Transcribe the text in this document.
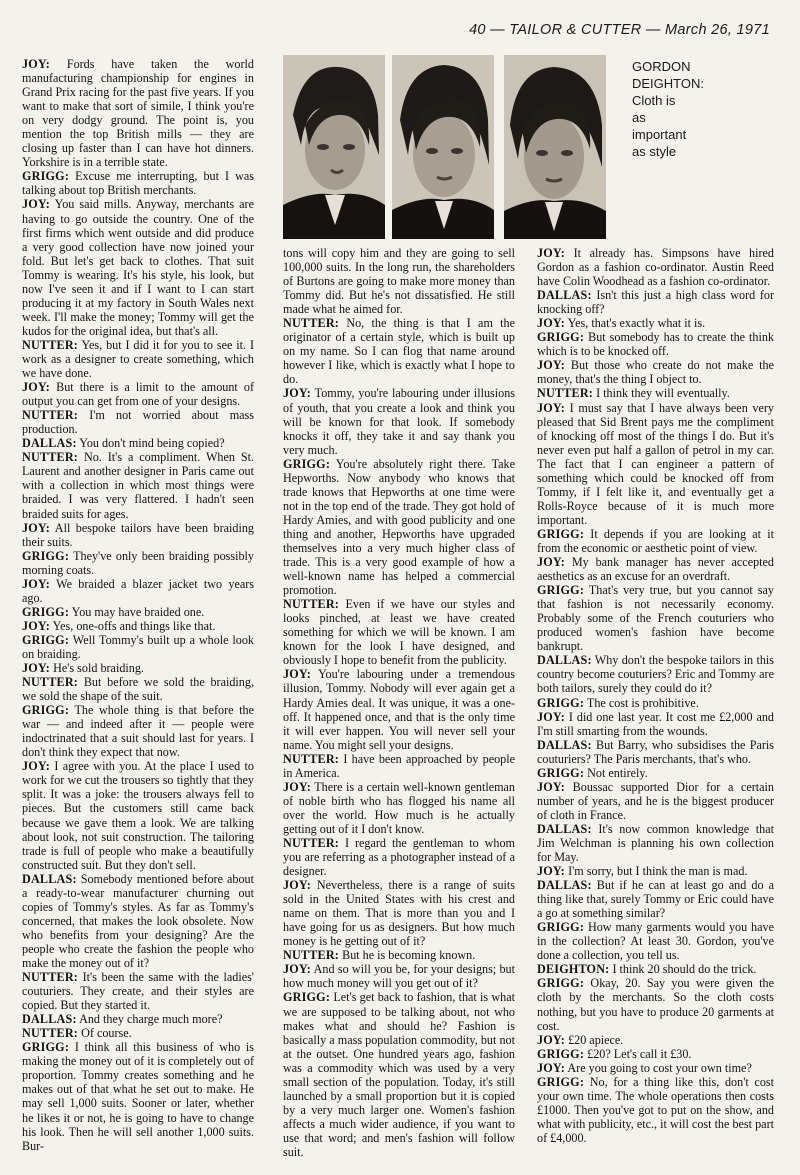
40 — TAILOR & CUTTER — March 26, 1971
GORDON
DEIGHTON:
Cloth is
as
important
as style

JOY: Fords have taken the world manufacturing championship for engines in Grand Prix racing for the past five years. If you want to make that sort of simile, I think you're on very dodgy ground. The point is, you mention the top British mills — they are closing up faster than I can have hot dinners. Yorkshire is in a terrible state.

GRIGG: Excuse me interrupting, but I was talking about top British merchants.

JOY: You said mills. Anyway, merchants are having to go outside the country. One of the first firms which went outside and did produce a very good collection have now joined your fold. But let's get back to clothes. That suit Tommy is wearing. It's his style, his look, but now I've seen it and if I want to I can start producing it at my factory in South Wales next week. I'll make the money; Tommy will get the kudos for the original idea, but that's all.

NUTTER: Yes, but I did it for you to see it. I work as a designer to create something, which we have done.

JOY: But there is a limit to the amount of output you can get from one of your designs.

NUTTER: I'm not worried about mass production.

DALLAS: You don't mind being copied?

NUTTER: No. It's a compliment. When St. Laurent and another designer in Paris came out with a collection in which most things were braided. I was very flattered. I hadn't seen braided suits for ages.

JOY: All bespoke tailors have been braiding their suits.

GRIGG: They've only been braiding possibly morning coats.

JOY: We braided a blazer jacket two years ago.

GRIGG: You may have braided one.

JOY: Yes, one-offs and things like that.

GRIGG: Well Tommy's built up a whole look on braiding.

JOY: He's sold braiding.

NUTTER: But before we sold the braiding, we sold the shape of the suit.

GRIGG: The whole thing is that before the war — and indeed after it — people were indoctrinated that a suit should last for years. I don't think they expect that now.

JOY: I agree with you. At the place I used to work for we cut the trousers so tightly that they split. It was a joke: the trousers always fell to pieces. But the customers still came back because we gave them a look. We are talking about look, not suit construction. The tailoring trade is full of people who make a beautifully constructed suit. But they don't sell.

DALLAS: Somebody mentioned before about a ready-to-wear manufacturer churning out copies of Tommy's styles. As far as Tommy's concerned, that makes the look obsolete. Now who benefits from your designing? Are the people who create the fashion the people who make the money out of it?

NUTTER: It's been the same with the ladies' couturiers. They create, and their styles are copied. But they started it.

DALLAS: And they charge much more?

NUTTER: Of course.

GRIGG: I think all this business of who is making the money out of it is completely out of proportion. Tommy creates something and he makes out of that what he set out to make. He may sell 1,000 suits. Sooner or later, whether he likes it or not, he is going to have to change his look. Then he will sell another 1,000 suits. Bur-

tons will copy him and they are going to sell 100,000 suits. In the long run, the shareholders of Burtons are going to make more money than Tommy did. But he's not dissatisfied. He still made what he aimed for.

NUTTER: No, the thing is that I am the originator of a certain style, which is built up on my name. So I can flog that name around however I like, which is exactly what I hope to do.

JOY: Tommy, you're labouring under illusions of youth, that you create a look and think you will be known for that look. If somebody knocks it off, they take it and say thank you very much.

GRIGG: You're absolutely right there. Take Hepworths. Now anybody who knows that trade knows that Hepworths at one time were not in the top end of the trade. They got hold of Hardy Amies, and with good publicity and one thing and another, Hepworths have upgraded themselves into a very much higher class of trade. This is a very good example of how a well-known name has helped a commercial promotion.

NUTTER: Even if we have our styles and looks pinched, at least we have created something for which we will be known. I am known for the look I have designed, and obviously I hope to benefit from the publicity.

JOY: You're labouring under a tremendous illusion, Tommy. Nobody will ever again get a Hardy Amies deal. It was unique, it was a one-off. It happened once, and that is the only time it will ever happen. You will never sell your name. You might sell your designs.

NUTTER: I have been approached by people in America.

JOY: There is a certain well-known gentleman of noble birth who has flogged his name all over the world. How much is he actually getting out of it I don't know.

NUTTER: I regard the gentleman to whom you are referring as a photographer instead of a designer.

JOY: Nevertheless, there is a range of suits sold in the United States with his crest and name on them. That is more than you and I have going for us as designers. But how much money is he getting out of it?

NUTTER: But he is becoming known.

JOY: And so will you be, for your designs; but how much money will you get out of it?

GRIGG: Let's get back to fashion, that is what we are supposed to be talking about, not who makes what and should he? Fashion is basically a mass population commodity, but not at the outset. One hundred years ago, fashion was a commodity which was used by a very small section of the population. Today, it's still launched by a small proportion but it is copied by a very much larger one. Women's fashion affects a much wider audience, if you want to use that word; and men's fashion will follow suit.

JOY: It already has. Simpsons have hired Gordon as a fashion co-ordinator. Austin Reed have Colin Woodhead as a fashion co-ordinator.

DALLAS: Isn't this just a high class word for knocking off?

JOY: Yes, that's exactly what it is.

GRIGG: But somebody has to create the think which is to be knocked off.

JOY: But those who create do not make the money, that's the thing I object to.

NUTTER: I think they will eventually.

JOY: I must say that I have always been very pleased that Sid Brent pays me the compliment of knocking off most of the things I do. But it's never even put half a gallon of petrol in my car. The fact that I can engineer a pattern of something which could be knocked off from Tommy, if I felt like it, and eventually get a Rolls-Royce because of it is much more important.

GRIGG: It depends if you are looking at it from the economic or aesthetic point of view.

JOY: My bank manager has never accepted aesthetics as an excuse for an overdraft.

GRIGG: That's very true, but you cannot say that fashion is not necessarily economy. Probably some of the French couturiers who produced women's fashion have become bankrupt.

DALLAS: Why don't the bespoke tailors in this country become couturiers? Eric and Tommy are both tailors, surely they could do it?

GRIGG: The cost is prohibitive.

JOY: I did one last year. It cost me £2,000 and I'm still smarting from the wounds.

DALLAS: But Barry, who subsidises the Paris couturiers? The Paris merchants, that's who.

GRIGG: Not entirely.

JOY: Boussac supported Dior for a certain number of years, and he is the biggest producer of cloth in France.

DALLAS: It's now common knowledge that Jim Welchman is planning his own collection for May.

JOY: I'm sorry, but I think the man is mad.

DALLAS: But if he can at least go and do a thing like that, surely Tommy or Eric could have a go at something similar?

GRIGG: How many garments would you have in the collection? At least 30. Gordon, you've done a collection, you tell us.

DEIGHTON: I think 20 should do the trick.

GRIGG: Okay, 20. Say you were given the cloth by the merchants. So the cloth costs nothing, but you have to produce 20 garments at cost.

JOY: £20 apiece.

GRIGG: £20? Let's call it £30.

JOY: Are you going to cost your own time?

GRIGG: No, for a thing like this, don't cost your own time. The whole operations then costs £1000. Then you've got to put on the show, and what with publicity, etc., it will cost the best part of £4,000.
